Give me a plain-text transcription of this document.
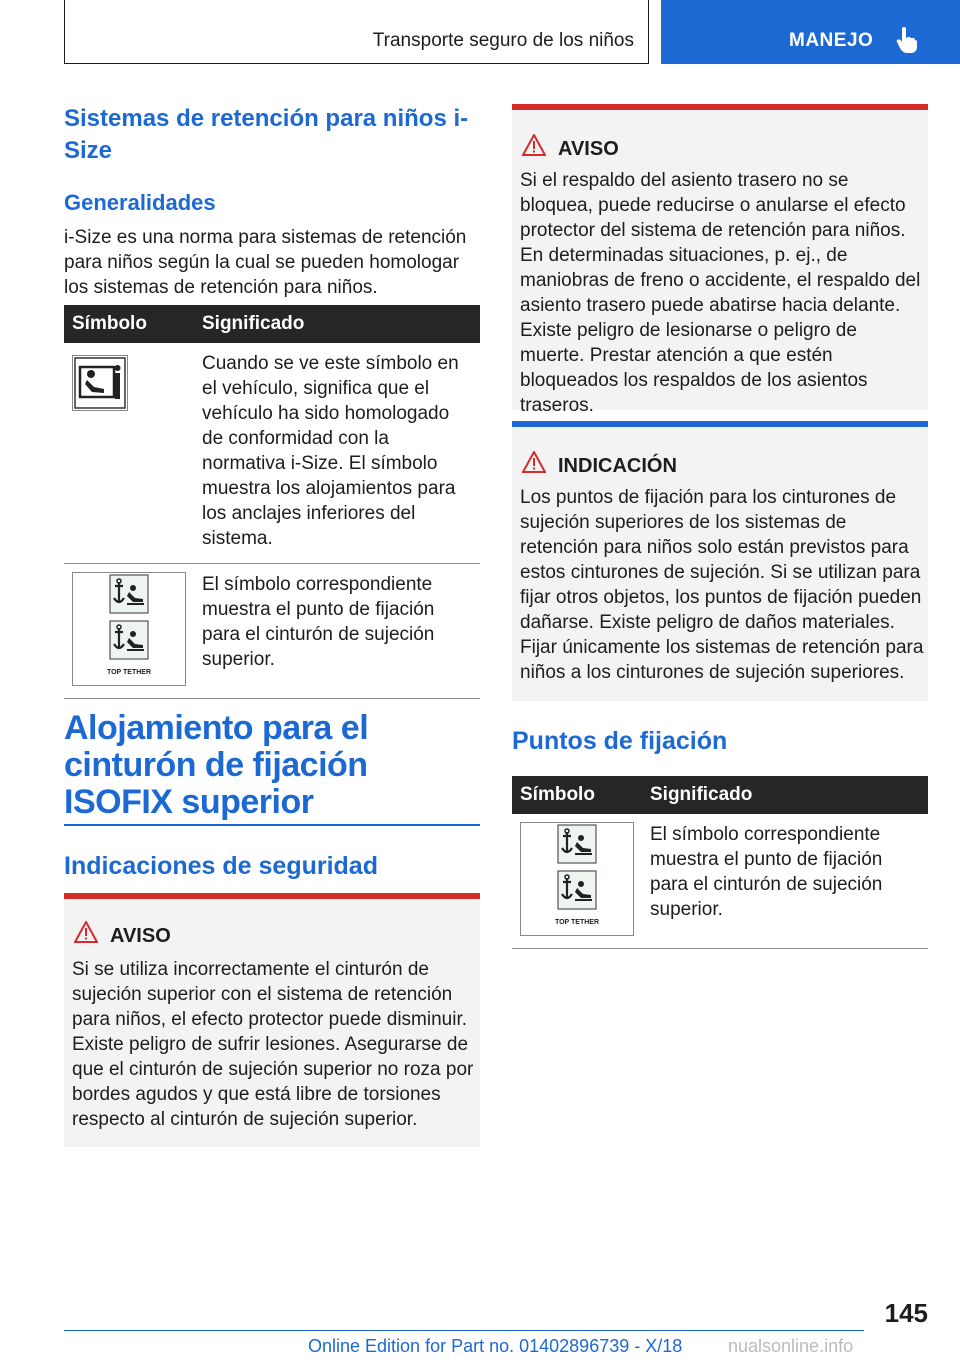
Transporte seguro de los niños	MANEJO
Sistemas de retención para niños i-Size
Generalidades

i-Size es una norma para sistemas de retención para niños según la cual se pueden homologar los sistemas de retención para niños.

Símbolo	Significado

	Cuando se ve este símbolo en el vehículo, significa que el vehículo ha sido homologado de conformidad con la normativa i-Size. El símbolo muestra los alojamientos para los anclajes inferiores del sistema.

TOP TETHER	El símbolo correspondiente muestra el punto de fijación para el cinturón de sujeción superior.
Alojamiento para el cinturón de fijación ISOFIX superior
Indicaciones de seguridad
AVISO

Si se utiliza incorrectamente el cinturón de sujeción superior con el sistema de retención para niños, el efecto protector puede disminuir. Existe peligro de sufrir lesiones. Asegurarse de que el cinturón de sujeción superior no roza por bordes agudos y que está libre de torsiones respecto al cinturón de sujeción superior.

AVISO

Si el respaldo del asiento trasero no se bloquea, puede reducirse o anularse el efecto protector del sistema de retención para niños. En determinadas situaciones, p. ej., de maniobras de freno o accidente, el respaldo del asiento trasero puede abatirse hacia delante. Existe peligro de lesionarse o peligro de muerte. Prestar atención a que estén bloqueados los respaldos de los asientos traseros.

INDICACIÓN

Los puntos de fijación para los cinturones de sujeción superiores de los sistemas de retención para niños solo están previstos para estos cinturones de sujeción. Si se utilizan para fijar otros objetos, los puntos de fijación pueden dañarse. Existe peligro de daños materiales. Fijar únicamente los sistemas de retención para niños a los cinturones de sujeción superiores.

Puntos de fijación
Símbolo	Significado

TOP TETHER	El símbolo correspondiente muestra el punto de fijación para el cinturón de sujeción superior.
145
Online Edition for Part no. 01402896739 - X/18	nualsonline.info
